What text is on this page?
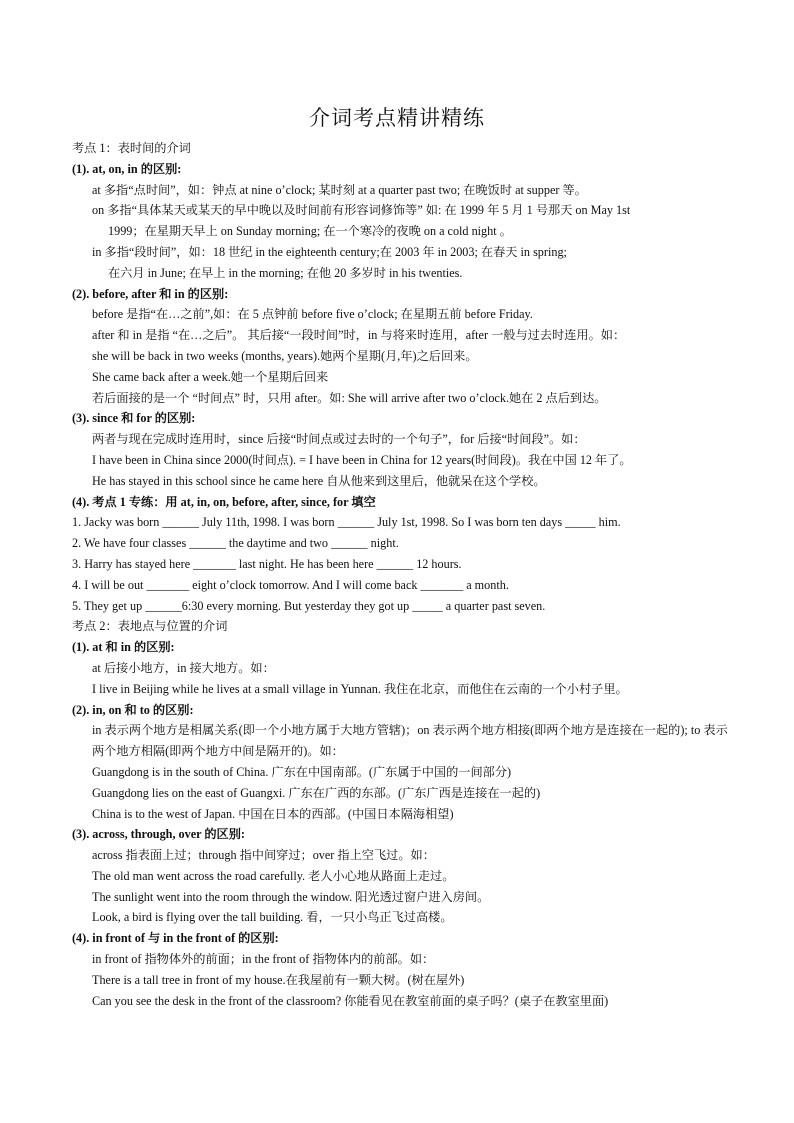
介词考点精讲精练
考点 1：表时间的介词
(1). at, on, in 的区别:
at 多指“点时间”，如：钟点 at nine o’clock; 某时刻 at a quarter past two; 在晚饭时 at supper 等。
on 多指“具体某天或某天的早中晚以及时间前有形容词修饰等” 如: 在 1999 年 5 月 1 号那天 on May 1st
1999；在星期天早上 on Sunday morning; 在一个寒冷的夜晚 on a cold night 。
in 多指“段时间”，如：18 世纪 in the eighteenth century;在 2003 年 in 2003; 在春天 in spring;
在六月 in June; 在早上 in the morning; 在他 20 多岁时 in his twenties.
(2). before, after 和 in 的区别:
before 是指“在…之前”,如：在 5 点钟前 before five o’clock; 在星期五前 before Friday.
after 和 in 是指 “在…之后”。 其后接“一段时间”时，in 与将来时连用，after 一般与过去时连用。如：
she will be back in two weeks (months, years).她两个星期(月,年)之后回来。
She came back after a week.她一个星期后回来
若后面接的是一个 “时间点” 时，只用 after。如: She will arrive after two o’clock.她在 2 点后到达。
(3). since 和 for 的区别:
两者与现在完成时连用时，since 后接“时间点或过去时的一个句子”，for 后接“时间段”。如：
I have been in China since 2000(时间点). = I have been in China for 12 years(时间段)。我在中国 12 年了。
He has stayed in this school since he came here 自从他来到这里后，他就呆在这个学校。
(4). 考点 1 专练：用 at, in, on, before, after, since, for 填空
1. Jacky was born ______ July 11th, 1998. I was born ______ July 1st, 1998. So I was born ten days _____ him.
2. We have four classes ______ the daytime and two ______ night.
3. Harry has stayed here _______ last night. He has been here ______ 12 hours.
4. I will be out _______ eight o’clock tomorrow. And I will come back _______ a month.
5. They get up ______6:30 every morning. But yesterday they got up _____ a quarter past seven.
考点 2：表地点与位置的介词
(1). at 和 in 的区别:
at 后接小地方，in 接大地方。如：
I live in Beijing while he lives at a small village in Yunnan. 我住在北京，而他住在云南的一个小村子里。
(2). in, on 和 to 的区别:
in 表示两个地方是相属关系(即一个小地方属于大地方管辖)；on 表示两个地方相接(即两个地方是连接在一起的); to 表示两个地方相隔(即两个地方中间是隔开的)。如：
Guangdong is in the south of China. 广东在中国南部。(广东属于中国的一间部分)
Guangdong lies on the east of Guangxi. 广东在广西的东部。(广东广西是连接在一起的)
China is to the west of Japan. 中国在日本的西部。(中国日本隔海相望)
(3). across, through, over 的区别:
across 指表面上过；through 指中间穿过；over 指上空飞过。如：
The old man went across the road carefully. 老人小心地从路面上走过。
The sunlight went into the room through the window. 阳光透过窗户进入房间。
Look, a bird is flying over the tall building. 看，一只小鸟正飞过高楼。
(4). in front of 与 in the front of 的区别:
in front of 指物体外的前面；in the front of 指物体内的前部。如：
There is a tall tree in front of my house.在我屋前有一颗大树。(树在屋外)
Can you see the desk in the front of the classroom? 你能看见在教室前面的桌子吗？(桌子在教室里面)
